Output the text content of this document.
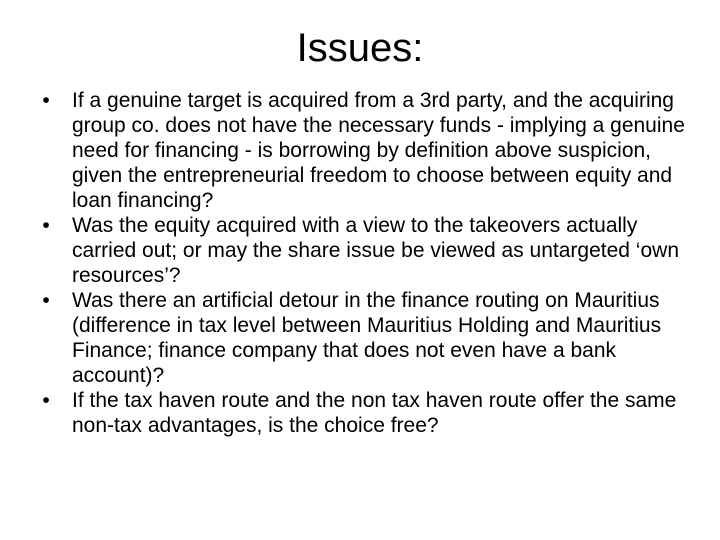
Issues:
• If a genuine target is acquired from a 3rd party, and the acquiring group co. does not have the necessary funds - implying a genuine need for financing - is borrowing by definition above suspicion, given the entrepreneurial freedom to choose between equity and loan financing?
• Was the equity acquired with a view to the takeovers actually carried out; or may the share issue be viewed as untargeted ‘own resources’?
• Was there an artificial detour in the finance routing on Mauritius (difference in tax level between Mauritius Holding and Mauritius Finance; finance company that does not even have a bank account)?
• If the tax haven route and the non tax haven route offer the same non-tax advantages, is the choice free?
